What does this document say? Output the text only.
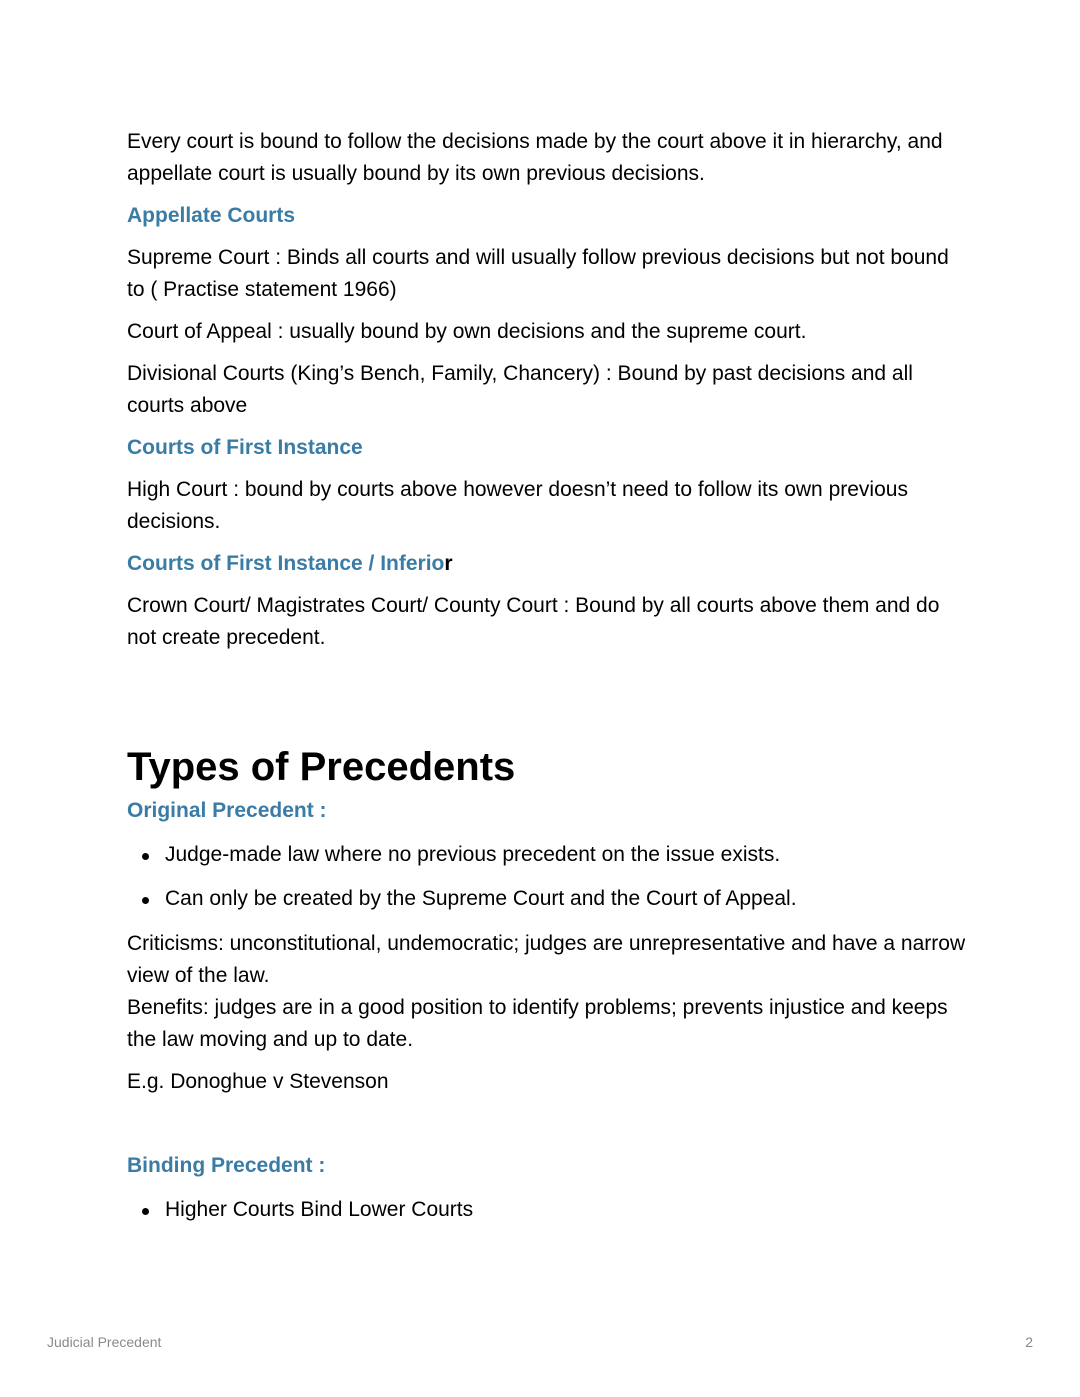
Every court is bound to follow the decisions made by the court above it in hierarchy, and appellate court is usually bound by its own previous decisions.

Appellate Courts

Supreme Court : Binds all courts and will usually follow previous decisions but not bound to ( Practise statement 1966)

Court of Appeal : usually bound by own decisions and the supreme court.

Divisional Courts (King’s Bench, Family, Chancery) : Bound by past decisions and all courts above

Courts of First Instance

High Court : bound by courts above however doesn’t need to follow its own previous decisions.

Courts of First Instance / Inferior

Crown Court/ Magistrates Court/ County Court : Bound by all courts above them and do not create precedent.

Types of Precedents
Original Precedent :
Judge-made law where no previous precedent on the issue exists.
Can only be created by the Supreme Court and the Court of Appeal.

Criticisms: unconstitutional, undemocratic; judges are unrepresentative and have a narrow view of the law.

Benefits: judges are in a good position to identify problems; prevents injustice and keeps the law moving and up to date.

E.g. Donoghue v Stevenson

Binding Precedent :
Higher Courts Bind Lower Courts
Judicial Precedent	2
